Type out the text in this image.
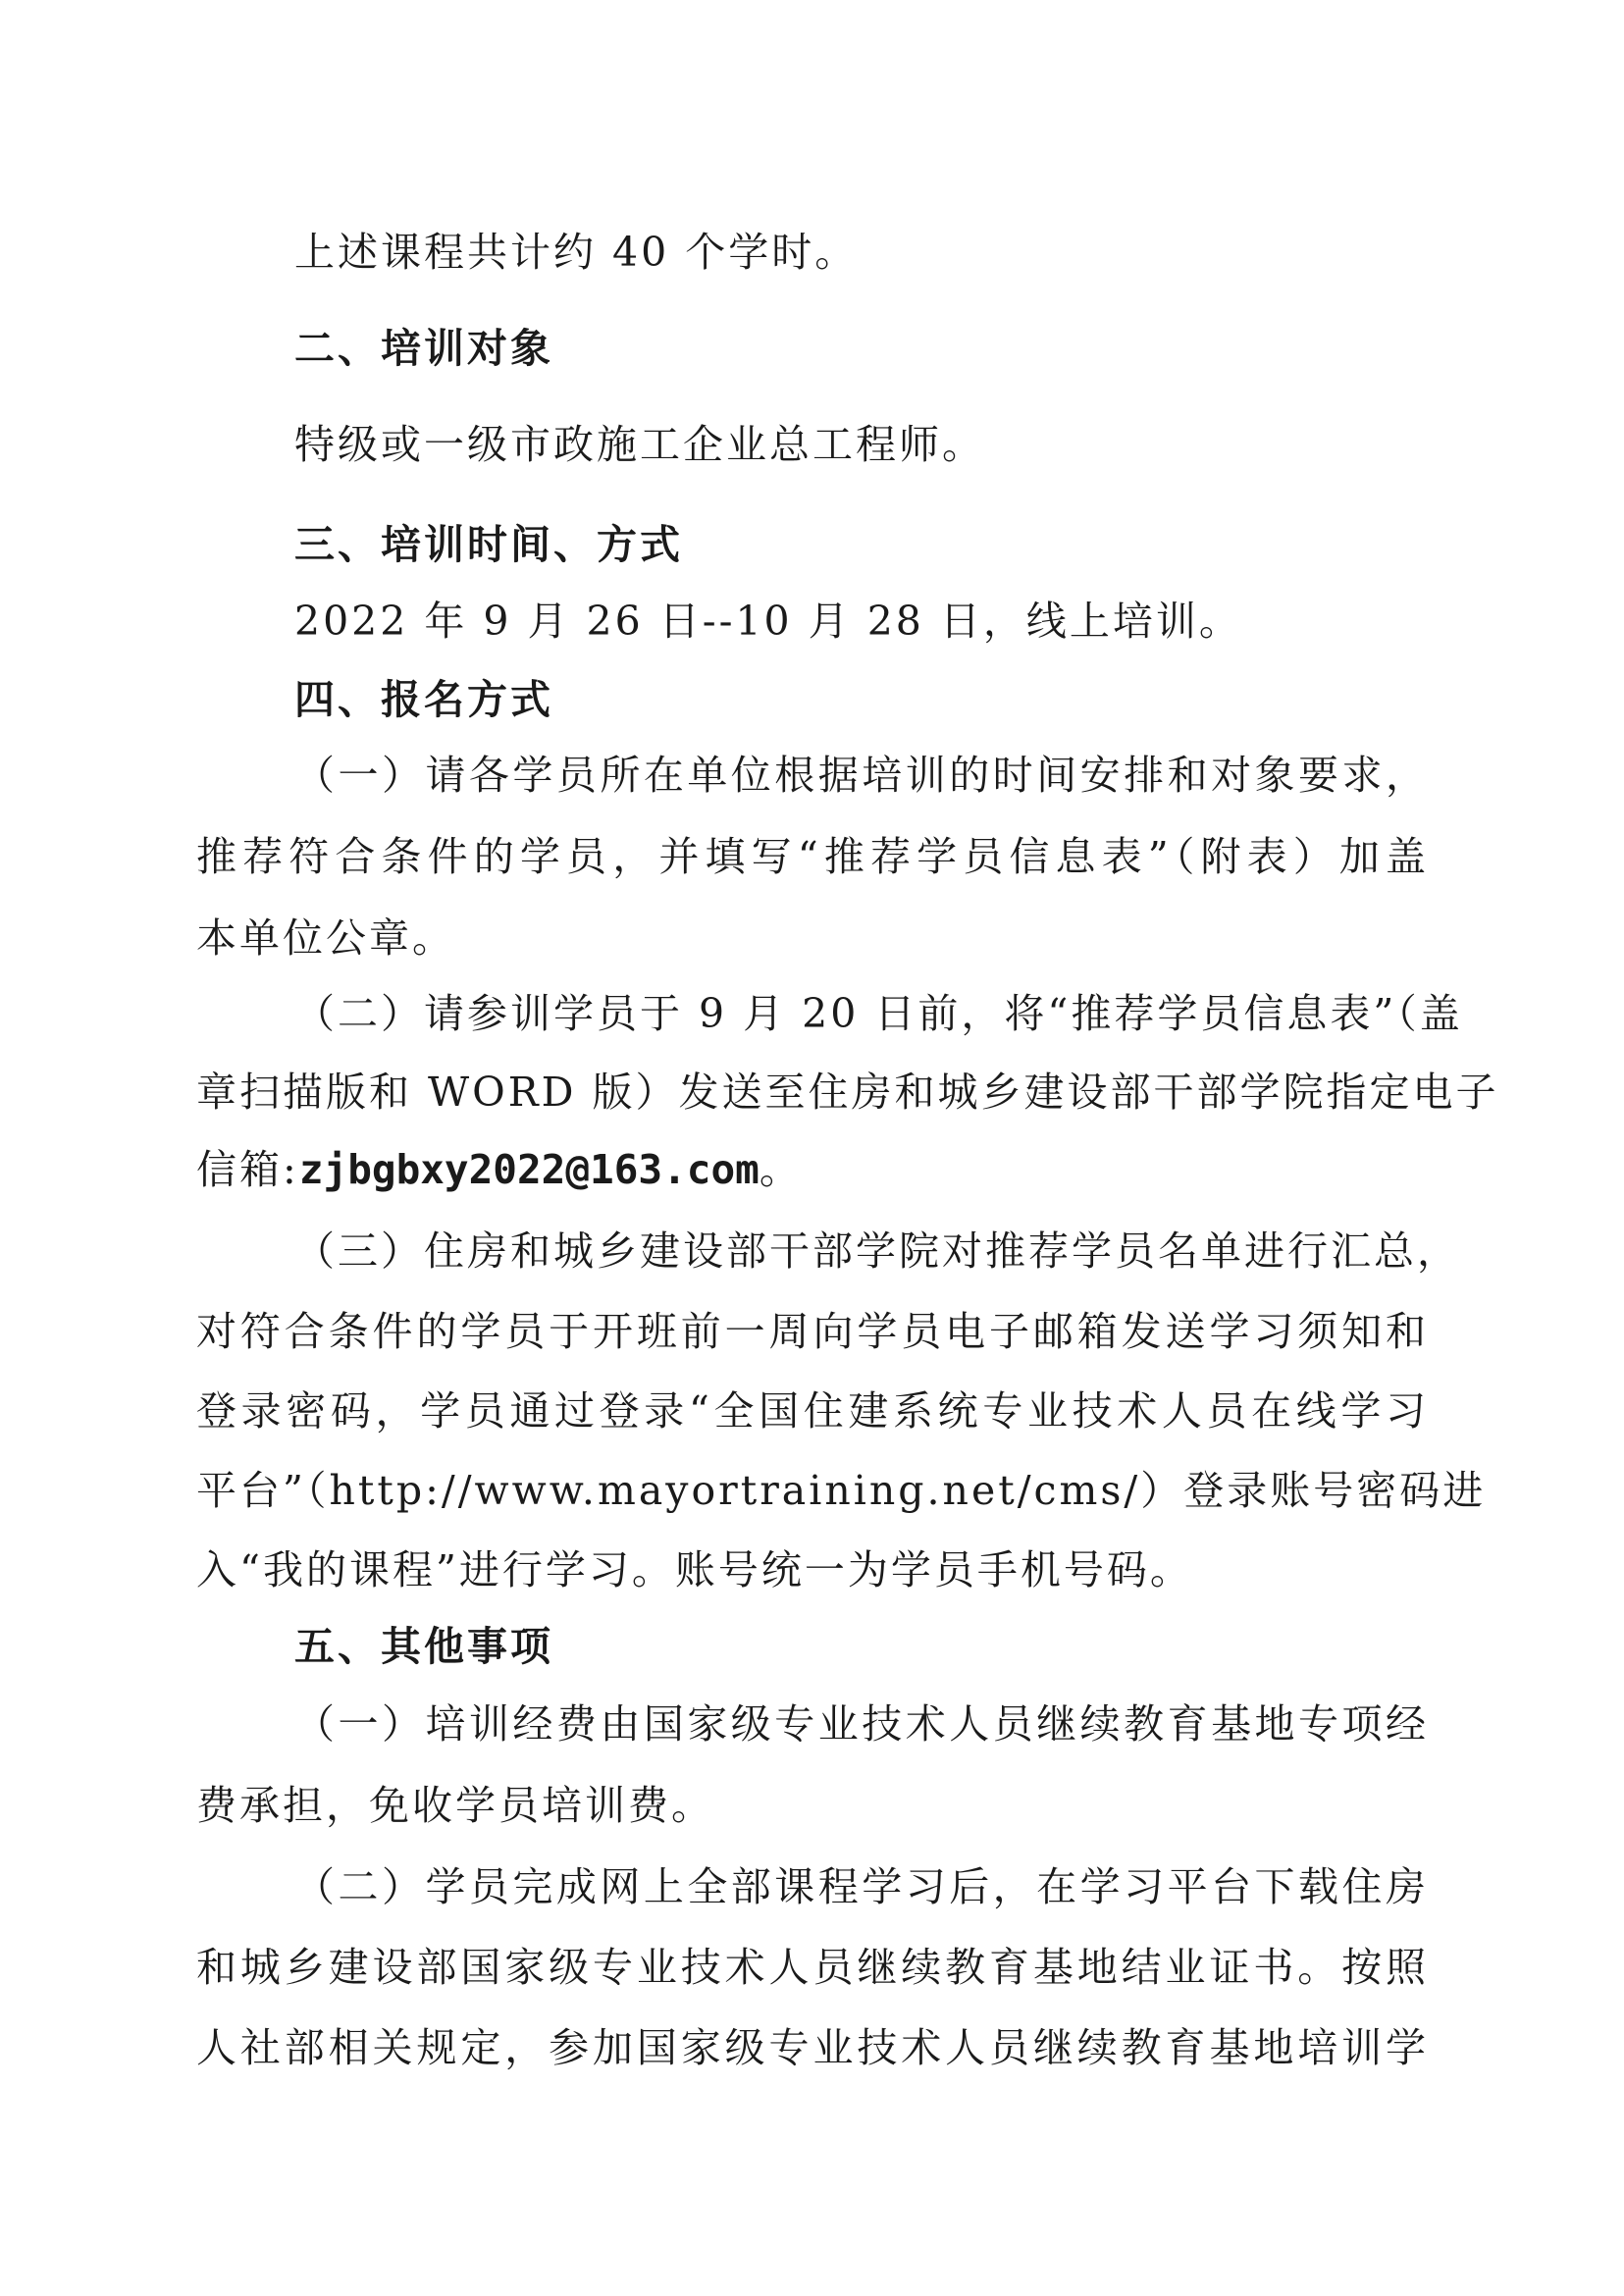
上述课程共计约 40 个学时。
二、培训对象
特级或一级市政施工企业总工程师。
三、培训时间、方式
2022 年 9 月 26 日--10 月 28 日，线上培训。
四、报名方式
（一）请各学员所在单位根据培训的时间安排和对象要求，
推荐符合条件的学员，并填写“推荐学员信息表”（附表）加盖
本单位公章。
（二）请参训学员于 9 月 20 日前，将“推荐学员信息表”（盖
章扫描版和 WORD 版）发送至住房和城乡建设部干部学院指定电子
信箱:zjbgbxy2022@163.com。
（三）住房和城乡建设部干部学院对推荐学员名单进行汇总，
对符合条件的学员于开班前一周向学员电子邮箱发送学习须知和
登录密码，学员通过登录“全国住建系统专业技术人员在线学习
平台”（http://www.mayortraining.net/cms/）登录账号密码进
入“我的课程”进行学习。账号统一为学员手机号码。
五、其他事项
（一）培训经费由国家级专业技术人员继续教育基地专项经
费承担，免收学员培训费。
（二）学员完成网上全部课程学习后，在学习平台下载住房
和城乡建设部国家级专业技术人员继续教育基地结业证书。按照
人社部相关规定，参加国家级专业技术人员继续教育基地培训学
